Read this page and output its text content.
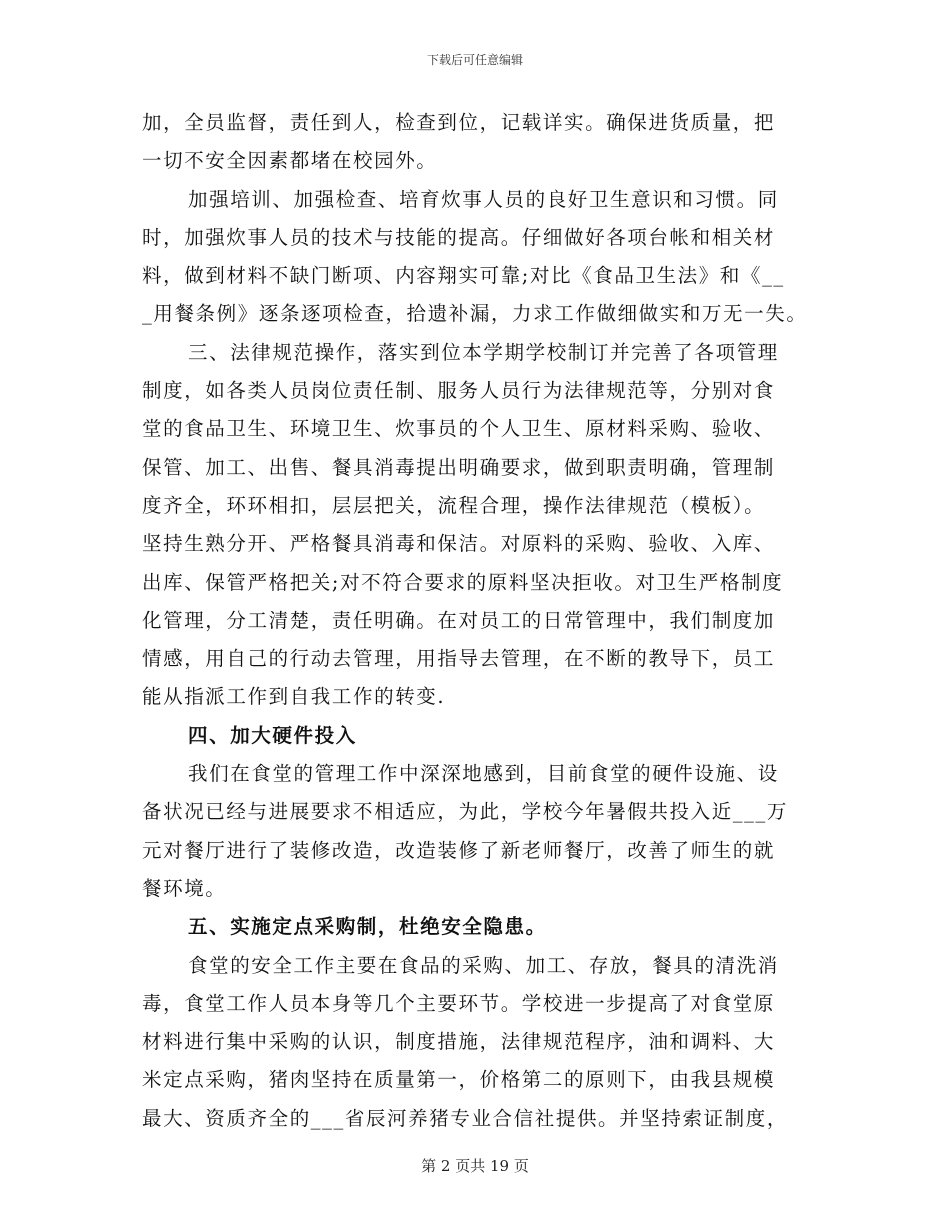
下载后可任意编辑
加，全员监督，责任到人，检查到位，记载详实。确保进货质量，把
一切不安全因素都堵在校园外。
加强培训、加强检查、培育炊事人员的良好卫生意识和习惯。同
时，加强炊事人员的技术与技能的提高。仔细做好各项台帐和相关材
料，做到材料不缺门断项、内容翔实可靠;对比《食品卫生法》和《__
_用餐条例》逐条逐项检查，拾遗补漏，力求工作做细做实和万无一失。
三、法律规范操作，落实到位本学期学校制订并完善了各项管理
制度，如各类人员岗位责任制、服务人员行为法律规范等，分别对食
堂的食品卫生、环境卫生、炊事员的个人卫生、原材料采购、验收、
保管、加工、出售、餐具消毒提出明确要求，做到职责明确，管理制
度齐全，环环相扣，层层把关，流程合理，操作法律规范（模板）。
坚持生熟分开、严格餐具消毒和保洁。对原料的采购、验收、入库、
出库、保管严格把关;对不符合要求的原料坚决拒收。对卫生严格制度
化管理，分工清楚，责任明确。在对员工的日常管理中，我们制度加
情感，用自己的行动去管理，用指导去管理，在不断的教导下，员工
能从指派工作到自我工作的转变.
四、加大硬件投入
我们在食堂的管理工作中深深地感到，目前食堂的硬件设施、设
备状况已经与进展要求不相适应，为此，学校今年暑假共投入近___万
元对餐厅进行了装修改造，改造装修了新老师餐厅，改善了师生的就
餐环境。
五、实施定点采购制，杜绝安全隐患。
食堂的安全工作主要在食品的采购、加工、存放，餐具的清洗消
毒，食堂工作人员本身等几个主要环节。学校进一步提高了对食堂原
材料进行集中采购的认识，制度措施，法律规范程序，油和调料、大
米定点采购，猪肉坚持在质量第一，价格第二的原则下，由我县规模
最大、资质齐全的___省辰河养猪专业合信社提供。并坚持索证制度，
第 2 页共 19 页
